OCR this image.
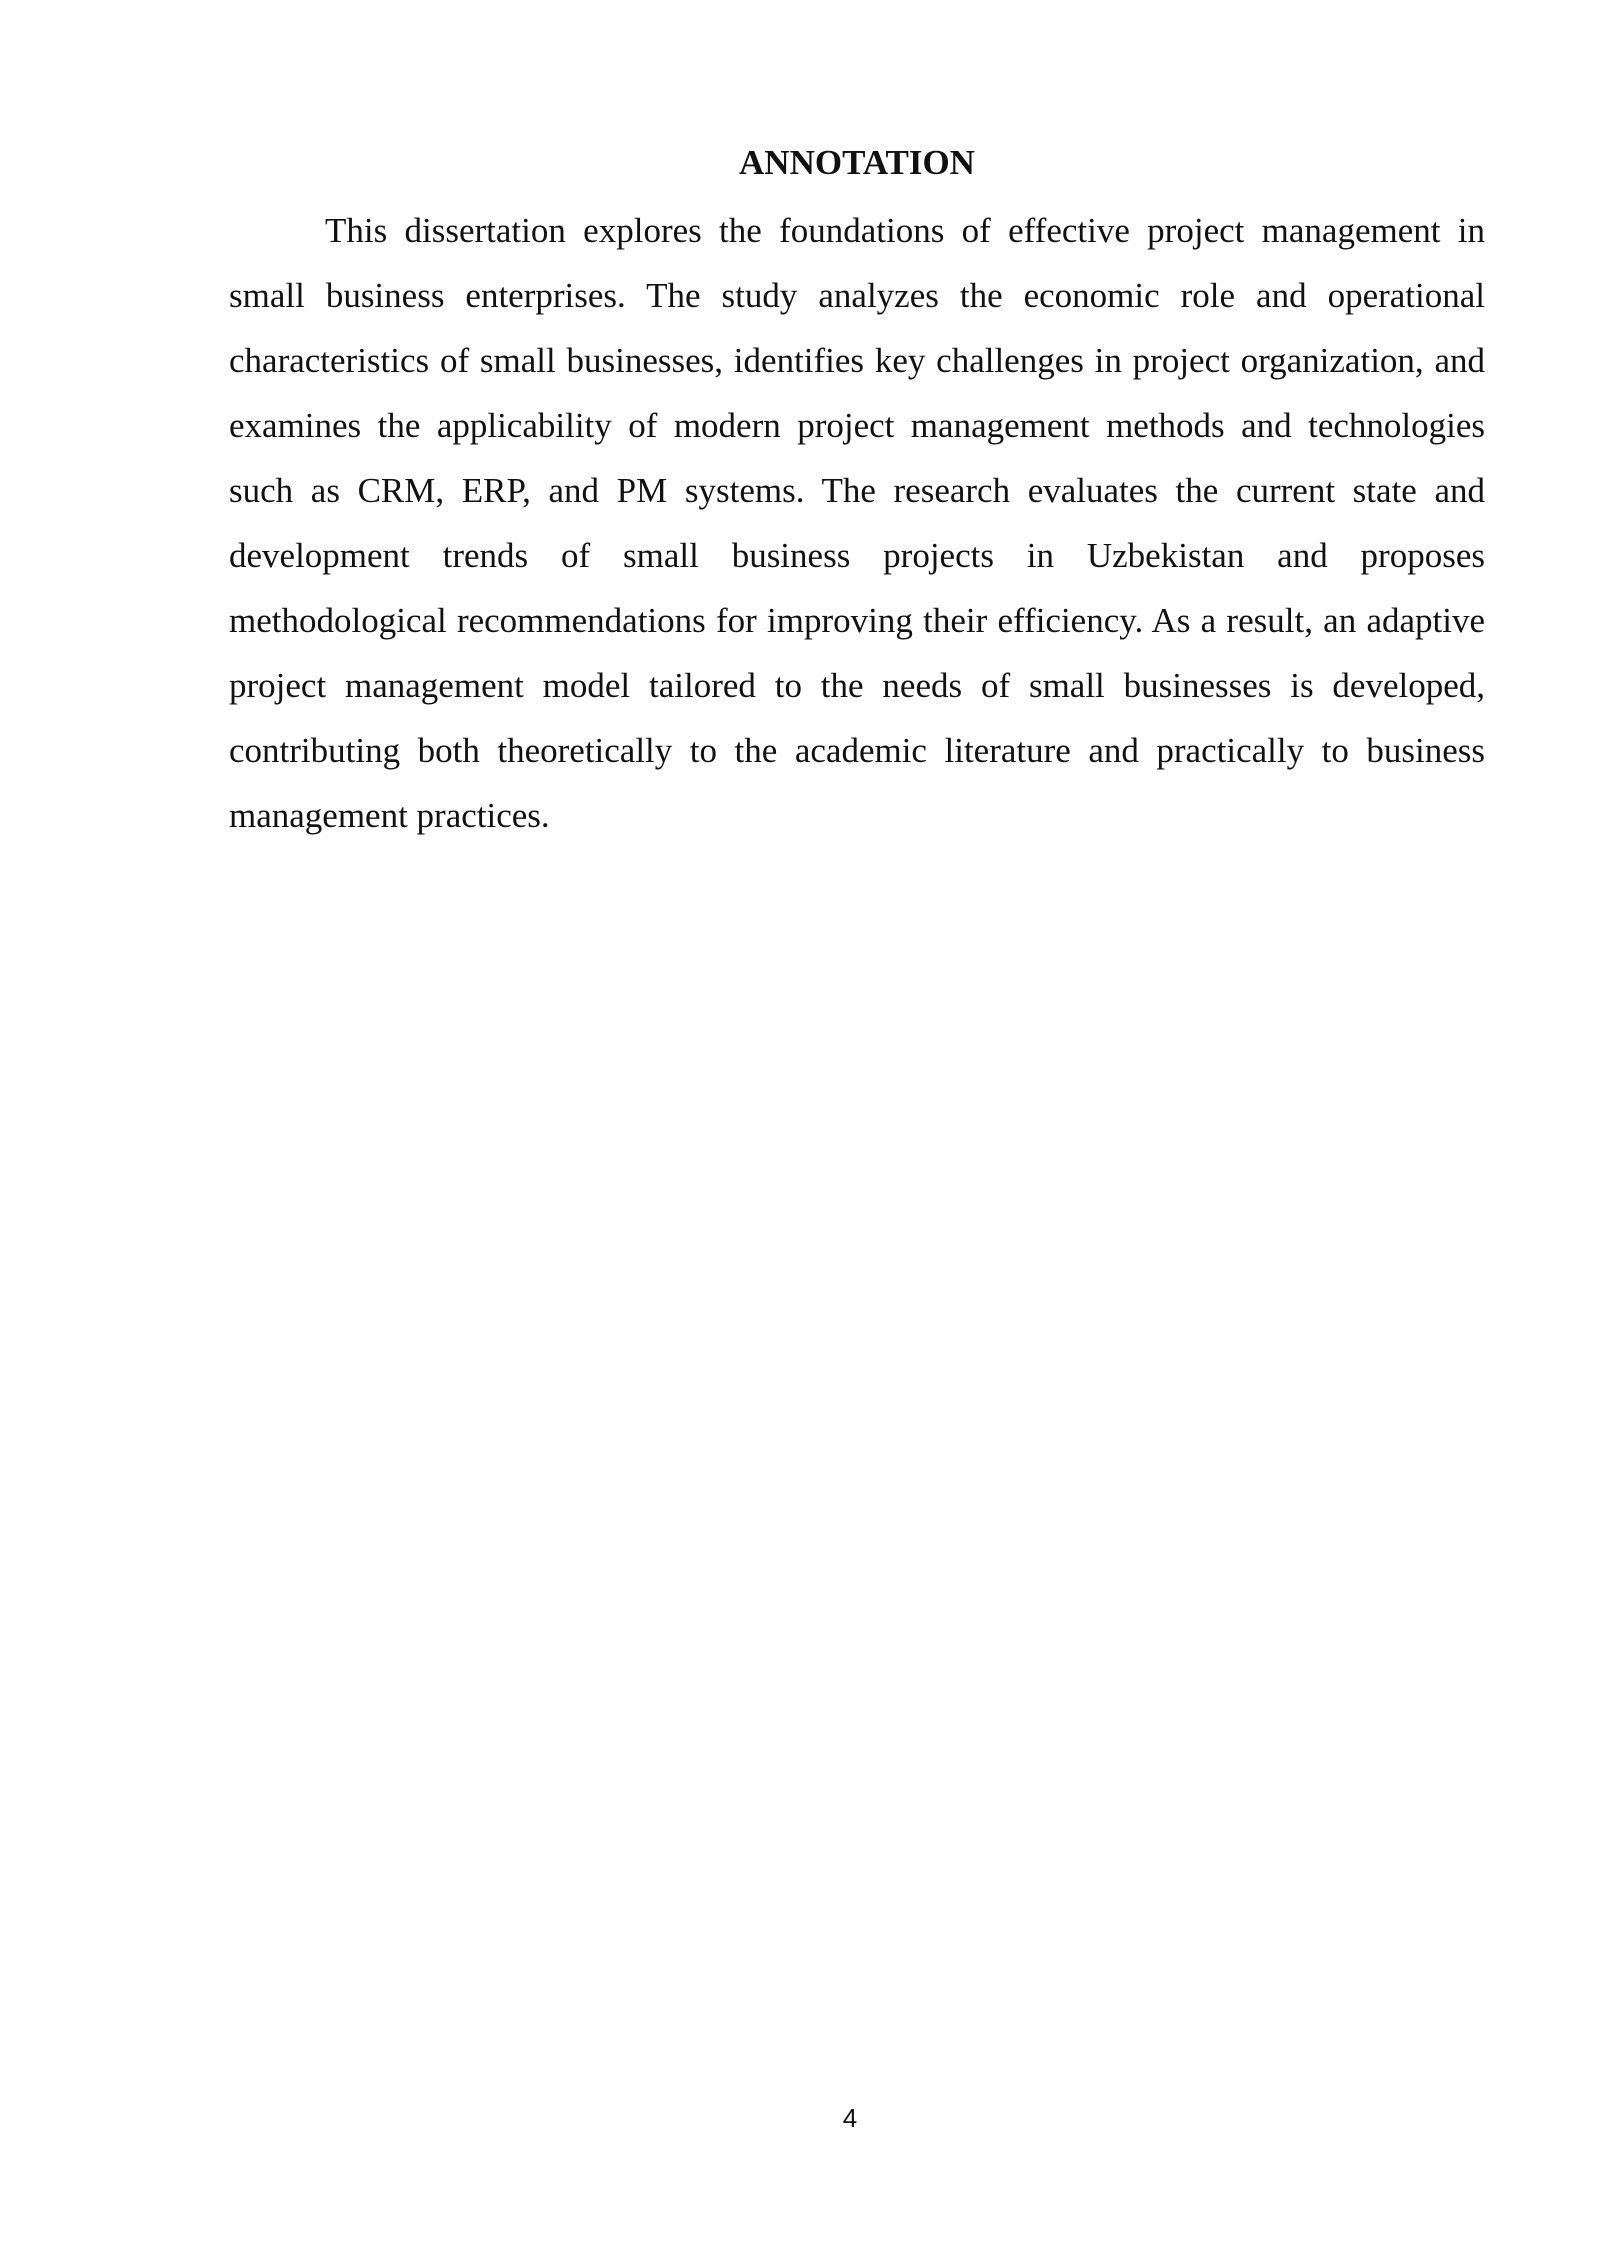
ANNOTATION

This dissertation explores the foundations of effective project management in small business enterprises. The study analyzes the economic role and operational characteristics of small businesses, identifies key challenges in project organization, and examines the applicability of modern project management methods and technologies such as CRM, ERP, and PM systems. The research evaluates the current state and development trends of small business projects in Uzbekistan and proposes methodological recommendations for improving their efficiency. As a result, an adaptive project management model tailored to the needs of small businesses is developed, contributing both theoretically to the academic literature and practically to business management practices.

4
